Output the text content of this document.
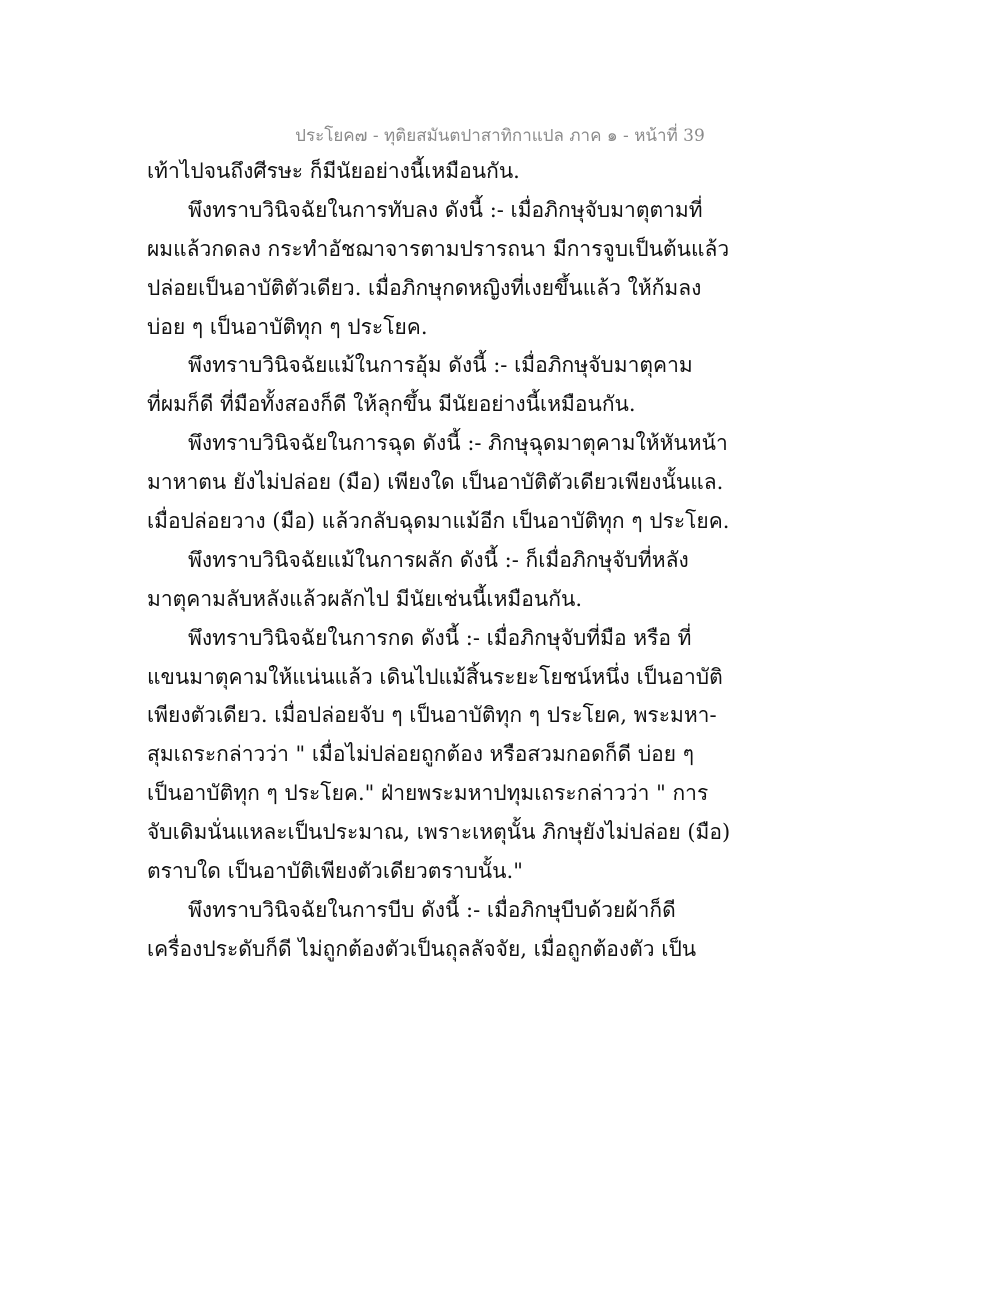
ประโยค๗ - ทุติยสมันตปาสาทิกาแปล ภาค ๑ - หน้าที่ 39
เท้าไปจนถึงศีรษะ ก็มีนัยอย่างนี้เหมือนกัน.
พึงทราบวินิจฉัยในการทับลง ดังนี้ :- เมื่อภิกษุจับมาตุตามที่
ผมแล้วกดลง กระทำอัชฌาจารตามปรารถนา มีการจูบเป็นต้นแล้ว
ปล่อยเป็นอาบัติตัวเดียว. เมื่อภิกษุกดหญิงที่เงยขึ้นแล้ว ให้ก้มลง
บ่อย ๆ เป็นอาบัติทุก ๆ ประโยค.
พึงทราบวินิจฉัยแม้ในการอุ้ม ดังนี้ :- เมื่อภิกษุจับมาตุคาม
ที่ผมก็ดี ที่มือทั้งสองก็ดี ให้ลุกขึ้น มีนัยอย่างนี้เหมือนกัน.
พึงทราบวินิจฉัยในการฉุด ดังนี้ :- ภิกษุฉุดมาตุคามให้หันหน้า
มาหาตน ยังไม่ปล่อย (มือ) เพียงใด เป็นอาบัติตัวเดียวเพียงนั้นแล.
เมื่อปล่อยวาง (มือ) แล้วกลับฉุดมาแม้อีก เป็นอาบัติทุก ๆ ประโยค.
พึงทราบวินิจฉัยแม้ในการผลัก ดังนี้ :- ก็เมื่อภิกษุจับที่หลัง
มาตุคามลับหลังแล้วผลักไป มีนัยเช่นนี้เหมือนกัน.
พึงทราบวินิจฉัยในการกด ดังนี้ :- เมื่อภิกษุจับที่มือ หรือ ที่
แขนมาตุคามให้แน่นแล้ว เดินไปแม้สิ้นระยะโยชน์หนึ่ง เป็นอาบัติ
เพียงตัวเดียว. เมื่อปล่อยจับ ๆ เป็นอาบัติทุก ๆ ประโยค, พระมหา-
สุมเถระกล่าวว่า " เมื่อไม่ปล่อยถูกต้อง หรือสวมกอดก็ดี บ่อย ๆ
เป็นอาบัติทุก ๆ ประโยค." ฝ่ายพระมหาปทุมเถระกล่าวว่า " การ
จับเดิมนั่นแหละเป็นประมาณ, เพราะเหตุนั้น ภิกษุยังไม่ปล่อย (มือ)
ตราบใด เป็นอาบัติเพียงตัวเดียวตราบนั้น."
พึงทราบวินิจฉัยในการบีบ ดังนี้ :- เมื่อภิกษุบีบด้วยผ้าก็ดี
เครื่องประดับก็ดี ไม่ถูกต้องตัวเป็นถุลลัจจัย, เมื่อถูกต้องตัว เป็น
